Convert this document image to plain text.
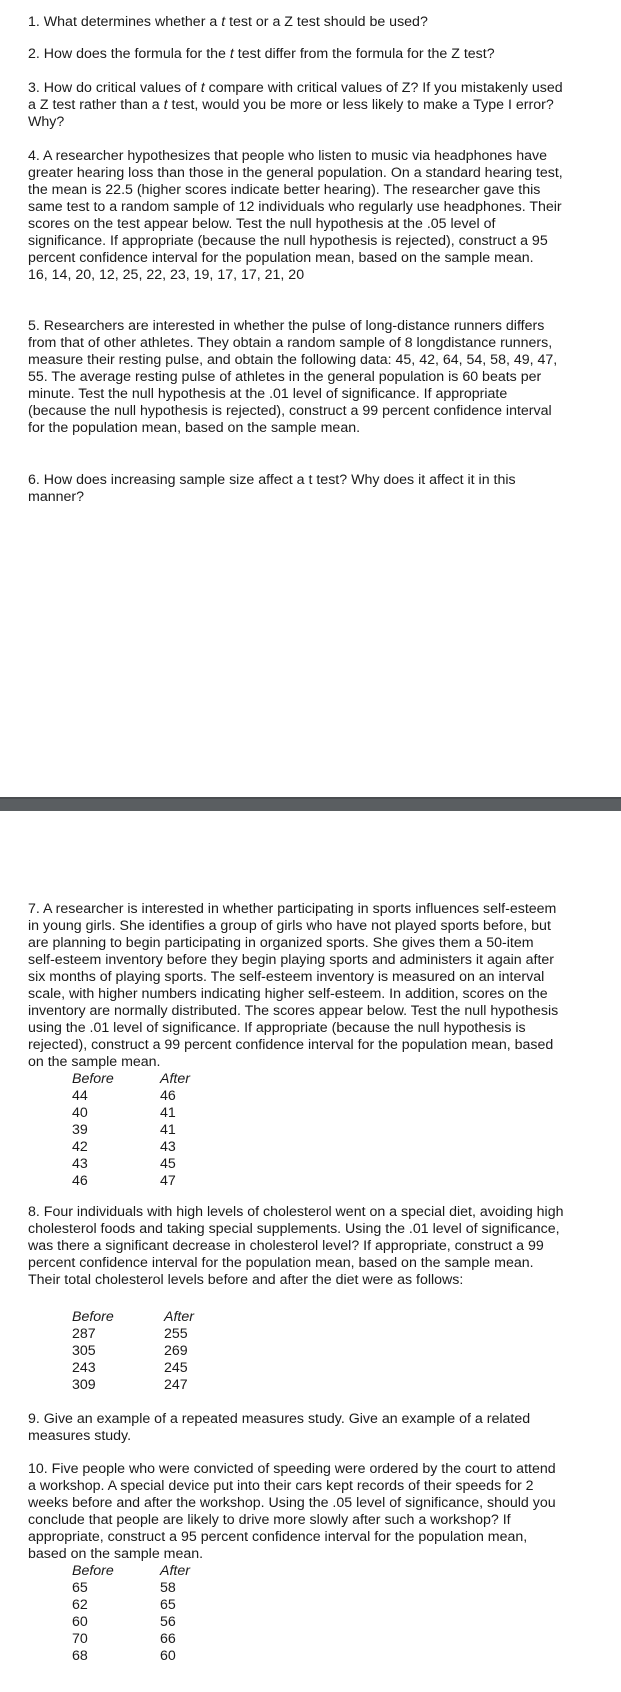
1. What determines whether a t test or a Z test should be used?

2. How does the formula for the t test differ from the formula for the Z test?

3. How do critical values of t compare with critical values of Z? If you mistakenly used a Z test rather than a t test, would you be more or less likely to make a Type I error? Why?

4. A researcher hypothesizes that people who listen to music via headphones have greater hearing loss than those in the general population. On a standard hearing test, the mean is 22.5 (higher scores indicate better hearing). The researcher gave this same test to a random sample of 12 individuals who regularly use headphones. Their scores on the test appear below. Test the null hypothesis at the .05 level of significance. If appropriate (because the null hypothesis is rejected), construct a 95 percent confidence interval for the population mean, based on the sample mean.

16, 14, 20, 12, 25, 22, 23, 19, 17, 17, 21, 20

5. Researchers are interested in whether the pulse of long-distance runners differs from that of other athletes. They obtain a random sample of 8 longdistance runners, measure their resting pulse, and obtain the following data: 45, 42, 64, 54, 58, 49, 47, 55. The average resting pulse of athletes in the general population is 60 beats per minute. Test the null hypothesis at the .01 level of significance. If appropriate (because the null hypothesis is rejected), construct a 99 percent confidence interval for the population mean, based on the sample mean.

6. How does increasing sample size affect a t test? Why does it affect it in this manner?

7. A researcher is interested in whether participating in sports influences self-esteem in young girls. She identifies a group of girls who have not played sports before, but are planning to begin participating in organized sports. She gives them a 50-item self-esteem inventory before they begin playing sports and administers it again after six months of playing sports. The self-esteem inventory is measured on an interval scale, with higher numbers indicating higher self-esteem. In addition, scores on the inventory are normally distributed. The scores appear below. Test the null hypothesis using the .01 level of significance. If appropriate (because the null hypothesis is rejected), construct a 99 percent confidence interval for the population mean, based on the sample mean.

Before	After
44	46
40	41
39	41
42	43
43	45
46	47

8. Four individuals with high levels of cholesterol went on a special diet, avoiding high cholesterol foods and taking special supplements. Using the .01 level of significance, was there a significant decrease in cholesterol level? If appropriate, construct a 99 percent confidence interval for the population mean, based on the sample mean. Their total cholesterol levels before and after the diet were as follows:

Before	After
287	255
305	269
243	245
309	247

9. Give an example of a repeated measures study. Give an example of a related measures study.

10. Five people who were convicted of speeding were ordered by the court to attend a workshop. A special device put into their cars kept records of their speeds for 2 weeks before and after the workshop. Using the .05 level of significance, should you conclude that people are likely to drive more slowly after such a workshop? If appropriate, construct a 95 percent confidence interval for the population mean, based on the sample mean.

Before	After
65	58
62	65
60	56
70	66
68	60
